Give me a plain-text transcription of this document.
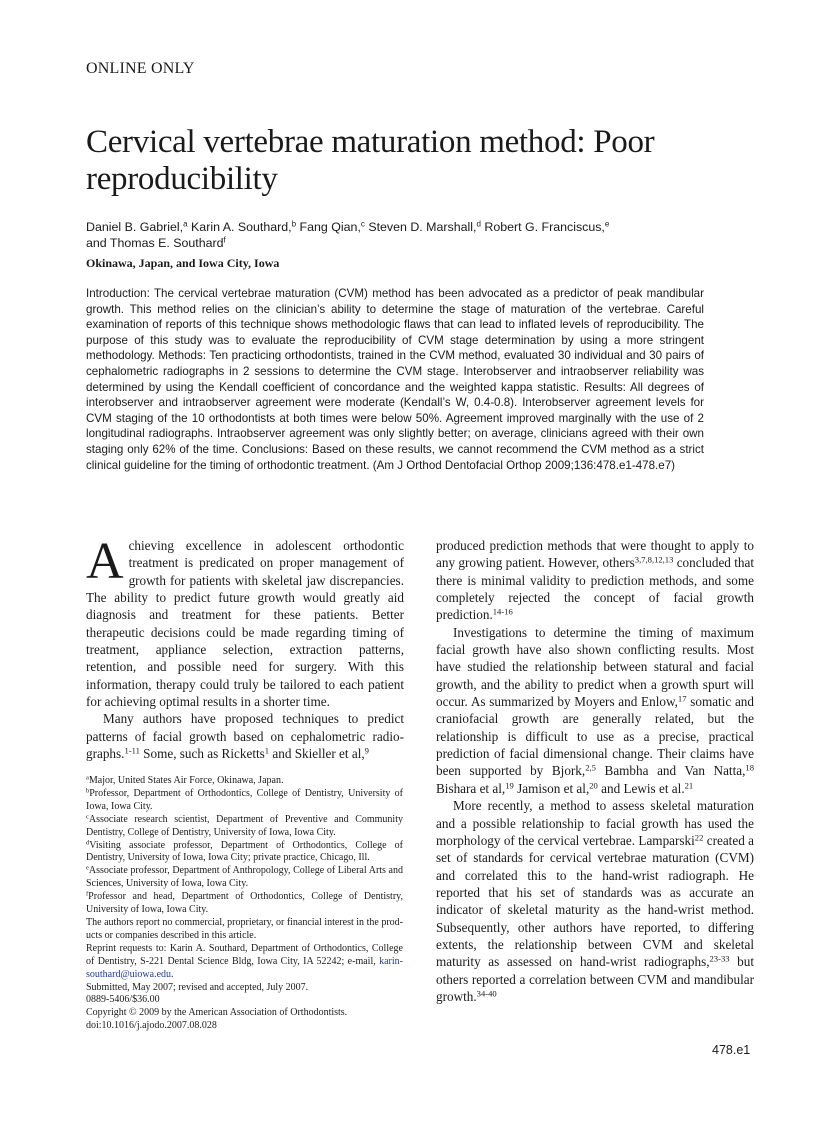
ONLINE ONLY
Cervical vertebrae maturation method: Poor reproducibility
Daniel B. Gabriel,$^a$ Karin A. Southard,$^b$ Fang Qian,$^c$ Steven D. Marshall,$^d$ Robert G. Franciscus,$^e$
and Thomas E. Southard$^f$
Okinawa, Japan, and Iowa City, Iowa
Introduction: The cervical vertebrae maturation (CVM) method has been advocated as a predictor of peak mandibular growth. This method relies on the clinician’s ability to determine the stage of maturation of the vertebrae. Careful examination of reports of this technique shows methodologic flaws that can lead to inflated levels of reproducibility. The purpose of this study was to evaluate the reproducibility of CVM stage determination by using a more stringent methodology. Methods: Ten practicing orthodontists, trained in the CVM method, evaluated 30 individual and 30 pairs of cephalometric radiographs in 2 sessions to determine the CVM stage. Interobserver and intraobserver reliability was determined by using the Kendall coefficient of concordance and the weighted kappa statistic. Results: All degrees of interobserver and intraobserver agreement were moderate (Kendall’s W, 0.4-0.8). Interobserver agreement levels for CVM staging of the 10 orthodontists at both times were below 50%. Agreement improved marginally with the use of 2 longitudinal radiographs. Intraobserver agreement was only slightly better; on average, clinicians agreed with their own staging only 62% of the time. Conclusions: Based on these results, we cannot recommend the CVM method as a strict clinical guideline for the timing of orthodontic treatment. (Am J Orthod Dentofacial Orthop 2009;136:478.e1-478.e7)

Achieving excellence in adolescent orthodontic treatment is predicated on proper management of growth for patients with skeletal jaw discrepancies. The ability to predict future growth would greatly aid diagnosis and treatment for these patients. Better therapeutic decisions could be made regarding timing of treatment, appliance selection, extraction patterns, retention, and possible need for surgery. With this information, therapy could truly be tailored to each patient for achieving optimal results in a shorter time.

Many authors have proposed techniques to predict patterns of facial growth based on cephalometric radiographs.$^{1-11}$ Some, such as Ricketts$^1$ and Skieller et al,$^9$

produced prediction methods that were thought to apply to any growing patient. However, others$^{3,7,8,12,13}$ concluded that there is minimal validity to prediction methods, and some completely rejected the concept of facial growth prediction.$^{14-16}$

Investigations to determine the timing of maximum facial growth have also shown conflicting results. Most have studied the relationship between statural and facial growth, and the ability to predict when a growth spurt will occur. As summarized by Moyers and Enlow,$^{17}$ somatic and craniofacial growth are generally related, but the relationship is difficult to use as a precise, practical prediction of facial dimensional change. Their claims have been supported by Bjork,$^{2,5}$ Bambha and Van Natta,$^{18}$ Bishara et al,$^{19}$ Jamison et al,$^{20}$ and Lewis et al.$^{21}$

More recently, a method to assess skeletal maturation and a possible relationship to facial growth has used the morphology of the cervical vertebrae. Lamparski$^{22}$ created a set of standards for cervical vertebrae maturation (CVM) and correlated this to the hand-wrist radiograph. He reported that his set of standards was as accurate an indicator of skeletal maturity as the hand-wrist method. Subsequently, other authors have reported, to differing extents, the relationship between CVM and skeletal maturity as assessed on hand-wrist radiographs,$^{23-33}$ but others reported a correlation between CVM and mandibular growth.$^{34-40}$

$^a$Major, United States Air Force, Okinawa, Japan.
$^b$Professor, Department of Orthodontics, College of Dentistry, University of Iowa, Iowa City.
$^c$Associate research scientist, Department of Preventive and Community Dentistry, College of Dentistry, University of Iowa, Iowa City.
$^d$Visiting associate professor, Department of Orthodontics, College of Dentistry, University of Iowa, Iowa City; private practice, Chicago, Ill.
$^e$Associate professor, Department of Anthropology, College of Liberal Arts and Sciences, University of Iowa, Iowa City.
$^f$Professor and head, Department of Orthodontics, College of Dentistry, University of Iowa, Iowa City.
The authors report no commercial, proprietary, or financial interest in the products or companies described in this article.
Reprint requests to: Karin A. Southard, Department of Orthodontics, College of Dentistry, S-221 Dental Science Bldg, Iowa City, IA 52242; e-mail, karin-southard@uiowa.edu.
Submitted, May 2007; revised and accepted, July 2007.
0889-5406/$36.00
Copyright © 2009 by the American Association of Orthodontists.
doi:10.1016/j.ajodo.2007.08.028
478.e1
